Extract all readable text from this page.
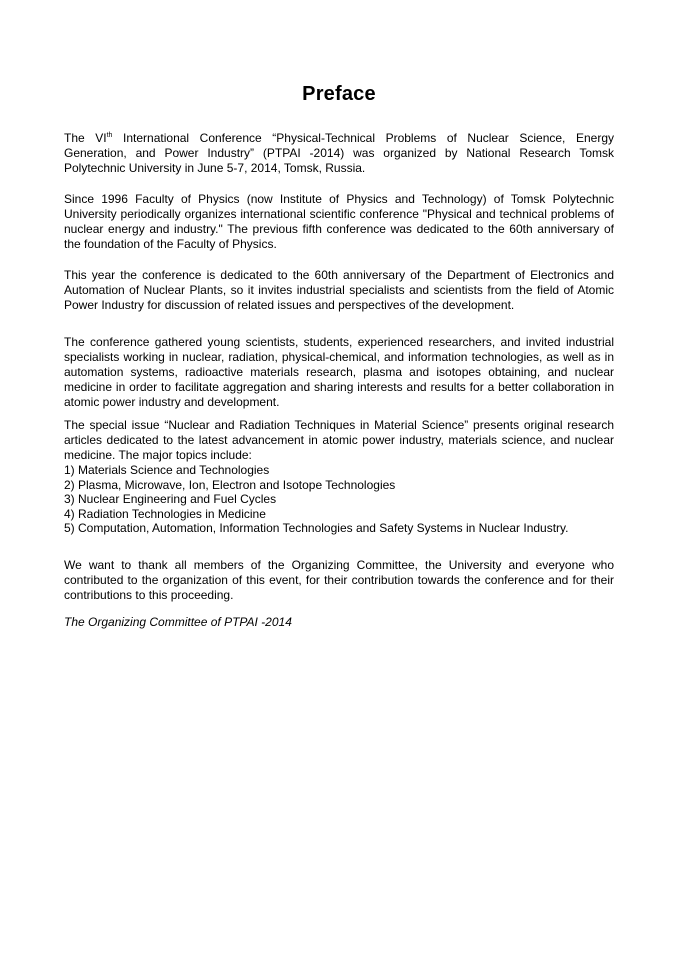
Preface

The VIth International Conference “Physical-Technical Problems of Nuclear Science, Energy Generation, and Power Industry” (PTPAI -2014) was organized by National Research Tomsk Polytechnic University in June 5-7, 2014, Tomsk, Russia.

Since 1996 Faculty of Physics (now Institute of Physics and Technology) of Tomsk Polytechnic University periodically organizes international scientific conference "Physical and technical problems of nuclear energy and industry." The previous fifth conference was dedicated to the 60th anniversary of the foundation of the Faculty of Physics.

This year the conference is dedicated to the 60th anniversary of the Department of Electronics and Automation of Nuclear Plants, so it invites industrial specialists and scientists from the field of Atomic Power Industry for discussion of related issues and perspectives of the development.

The conference gathered young scientists, students, experienced researchers, and invited industrial specialists working in nuclear, radiation, physical-chemical, and information technologies, as well as in automation systems, radioactive materials research, plasma and isotopes obtaining, and nuclear medicine in order to facilitate aggregation and sharing interests and results for a better collaboration in atomic power industry and development.

The special issue “Nuclear and Radiation Techniques in Material Science” presents original research articles dedicated to the latest advancement in atomic power industry, materials science, and nuclear medicine. The major topics include:

1) Materials Science and Technologies
2) Plasma, Microwave, Ion, Electron and Isotope Technologies
3) Nuclear Engineering and Fuel Cycles
4) Radiation Technologies in Medicine
5) Computation, Automation, Information Technologies and Safety Systems in Nuclear Industry.

We want to thank all members of the Organizing Committee, the University and everyone who contributed to the organization of this event, for their contribution towards the conference and for their contributions to this proceeding.

The Organizing Committee of PTPAI -2014
